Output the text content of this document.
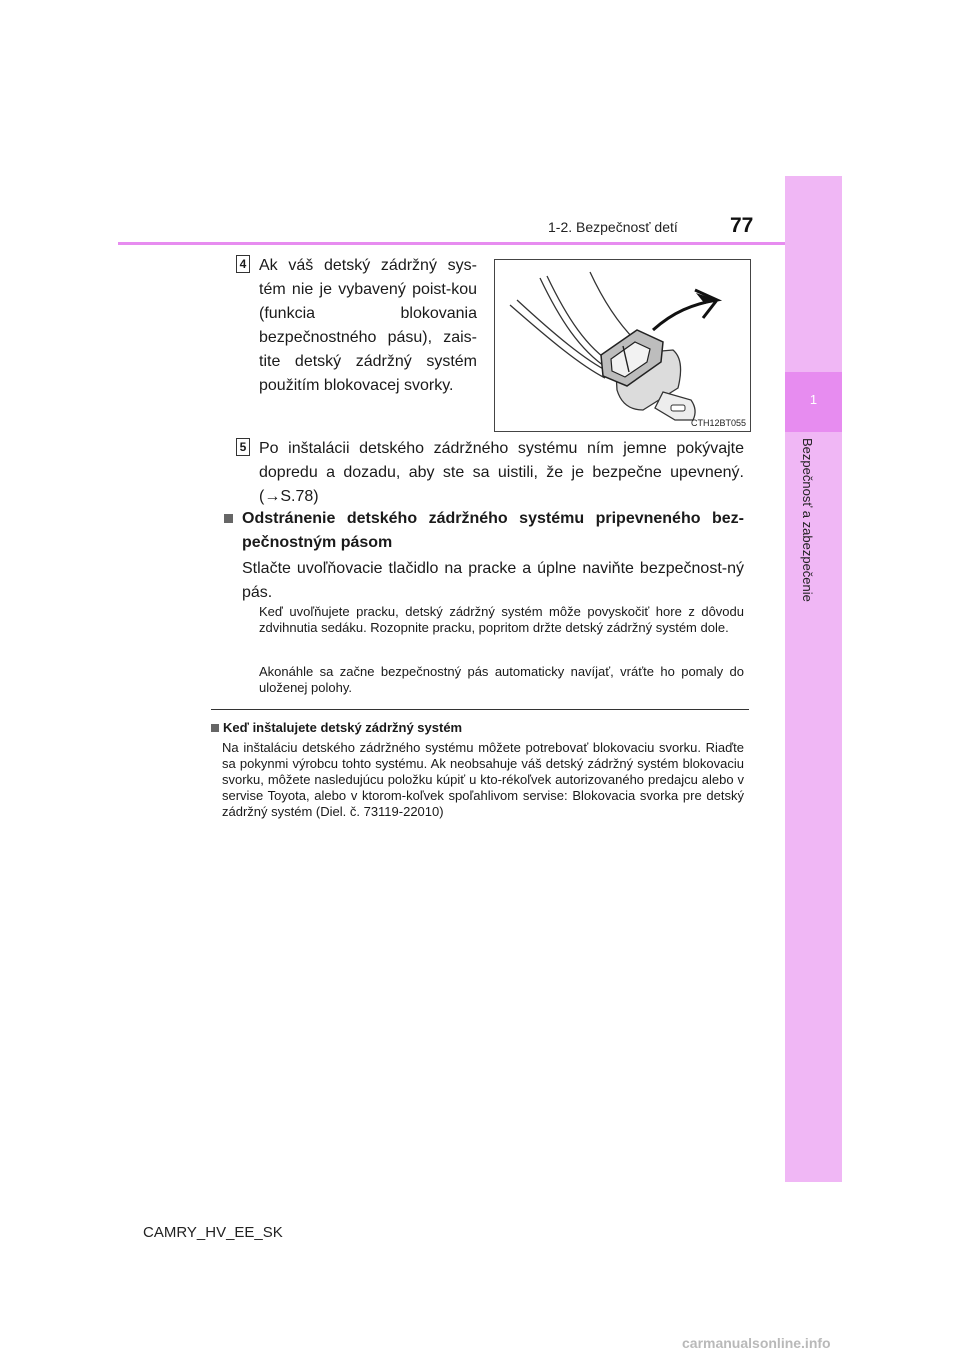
1
Bezpečnosť a zabezpečenie
1-2. Bezpečnosť detí 77
4 Ak váš detský zádržný sys-tém nie je vybavený poist-kou (funkcia blokovania bezpečnostného pásu), zais-tite detský zádržný systém použitím blokovacej svorky.

CTH12BT055
5 Po inštalácii detského zádržného systému ním jemne pokývajte dopredu a dozadu, aby ste sa uistili, že je bezpečne upevnený. (→S.78)

Odstránenie detského zádržného systému pripevneného bez-pečnostným pásom

Stlačte uvoľňovacie tlačidlo na pracke a úplne naviňte bezpečnost-ný pás.

Keď uvoľňujete pracku, detský zádržný systém môže povyskočiť hore z dôvodu zdvihnutia sedáku. Rozopnite pracku, popritom držte detský zádržný systém dole.

Akonáhle sa začne bezpečnostný pás automaticky navíjať, vráťte ho pomaly do uloženej polohy.

Keď inštalujete detský zádržný systém

Na inštaláciu detského zádržného systému môžete potrebovať blokovaciu svorku. Riaďte sa pokynmi výrobcu tohto systému. Ak neobsahuje váš detský zádržný systém blokovaciu svorku, môžete nasledujúcu položku kúpiť u kto-rékoľvek autorizovaného predajcu alebo v servise Toyota, alebo v ktorom-koľvek spoľahlivom servise: Blokovacia svorka pre detský zádržný systém (Diel. č. 73119-22010)

CAMRY_HV_EE_SK
carmanualsonline.info
